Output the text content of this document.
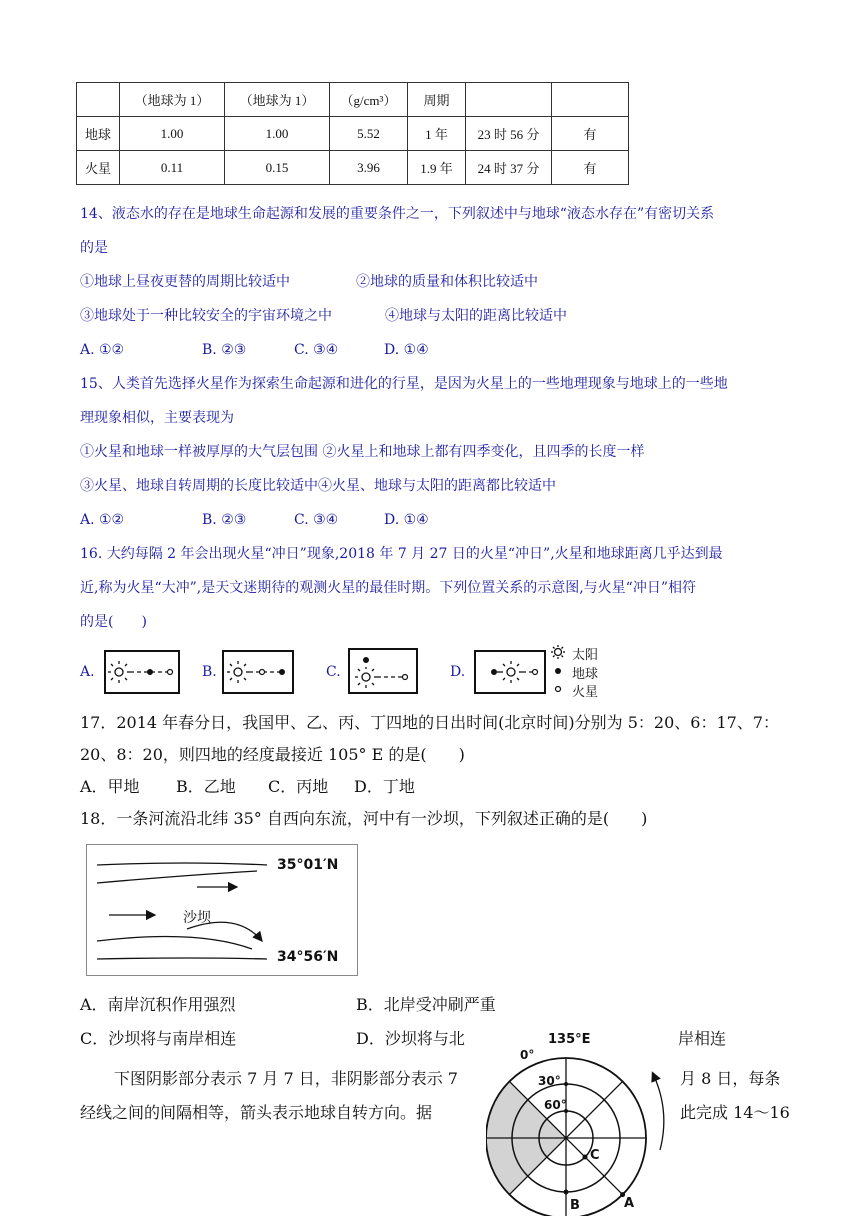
	（地球为 1）	（地球为 1）	（g/cm³）	周期		
地球	1.00	1.00	5.52	1 年	23 时 56 分	有
火星	0.11	0.15	3.96	1.9 年	24 时 37 分	有
14、液态水的存在是地球生命起源和发展的重要条件之一，下列叙述中与地球“液态水存在”有密切关系
的是
①地球上昼夜更替的周期比较适中	②地球的质量和体积比较适中
③地球处于一种比较安全的宇宙环境之中	④地球与太阳的距离比较适中
A. ①②	B. ②③	C. ③④	D. ①④
15、人类首先选择火星作为探索生命起源和进化的行星，是因为火星上的一些地理现象与地球上的一些地
理现象相似，主要表现为
①火星和地球一样被厚厚的大气层包围 ②火星上和地球上都有四季变化，且四季的长度一样
③火星、地球自转周期的长度比较适中④火星、地球与太阳的距离都比较适中
A. ①②	B. ②③	C. ③④	D. ①④
16. 大约每隔 2 年会出现火星“冲日”现象,2018 年 7 月 27 日的火星“冲日”,火星和地球距离几乎达到最
近,称为火星“大冲”,是天文迷期待的观测火星的最佳时期。下列位置关系的示意图,与火星“冲日”相符
的是(　　)
A.	B.	C.	D.
太阳
地球
火星
17．2014 年春分日，我国甲、乙、丙、丁四地的日出时间(北京时间)分别为 5：20、6：17、7：
20、8：20，则四地的经度最接近 105° E 的是(　　)
A．甲地 B．乙地 C．丙地 D．丁地
18．一条河流沿北纬 35° 自西向东流，河中有一沙坝，下列叙述正确的是(　　)
35°01′N
沙坝
34°56′N
A．南岸沉积作用强烈	B．北岸受冲刷严重
C．沙坝将与南岸相连	D．沙坝将与北	岸相连
下图阴影部分表示 7 月 7 日，非阴影部分表示 7	月 8 日，每条
经线之间的间隔相等，箭头表示地球自转方向。据	此完成 14～16
135°E
0°
30°
60°
C
B	A
